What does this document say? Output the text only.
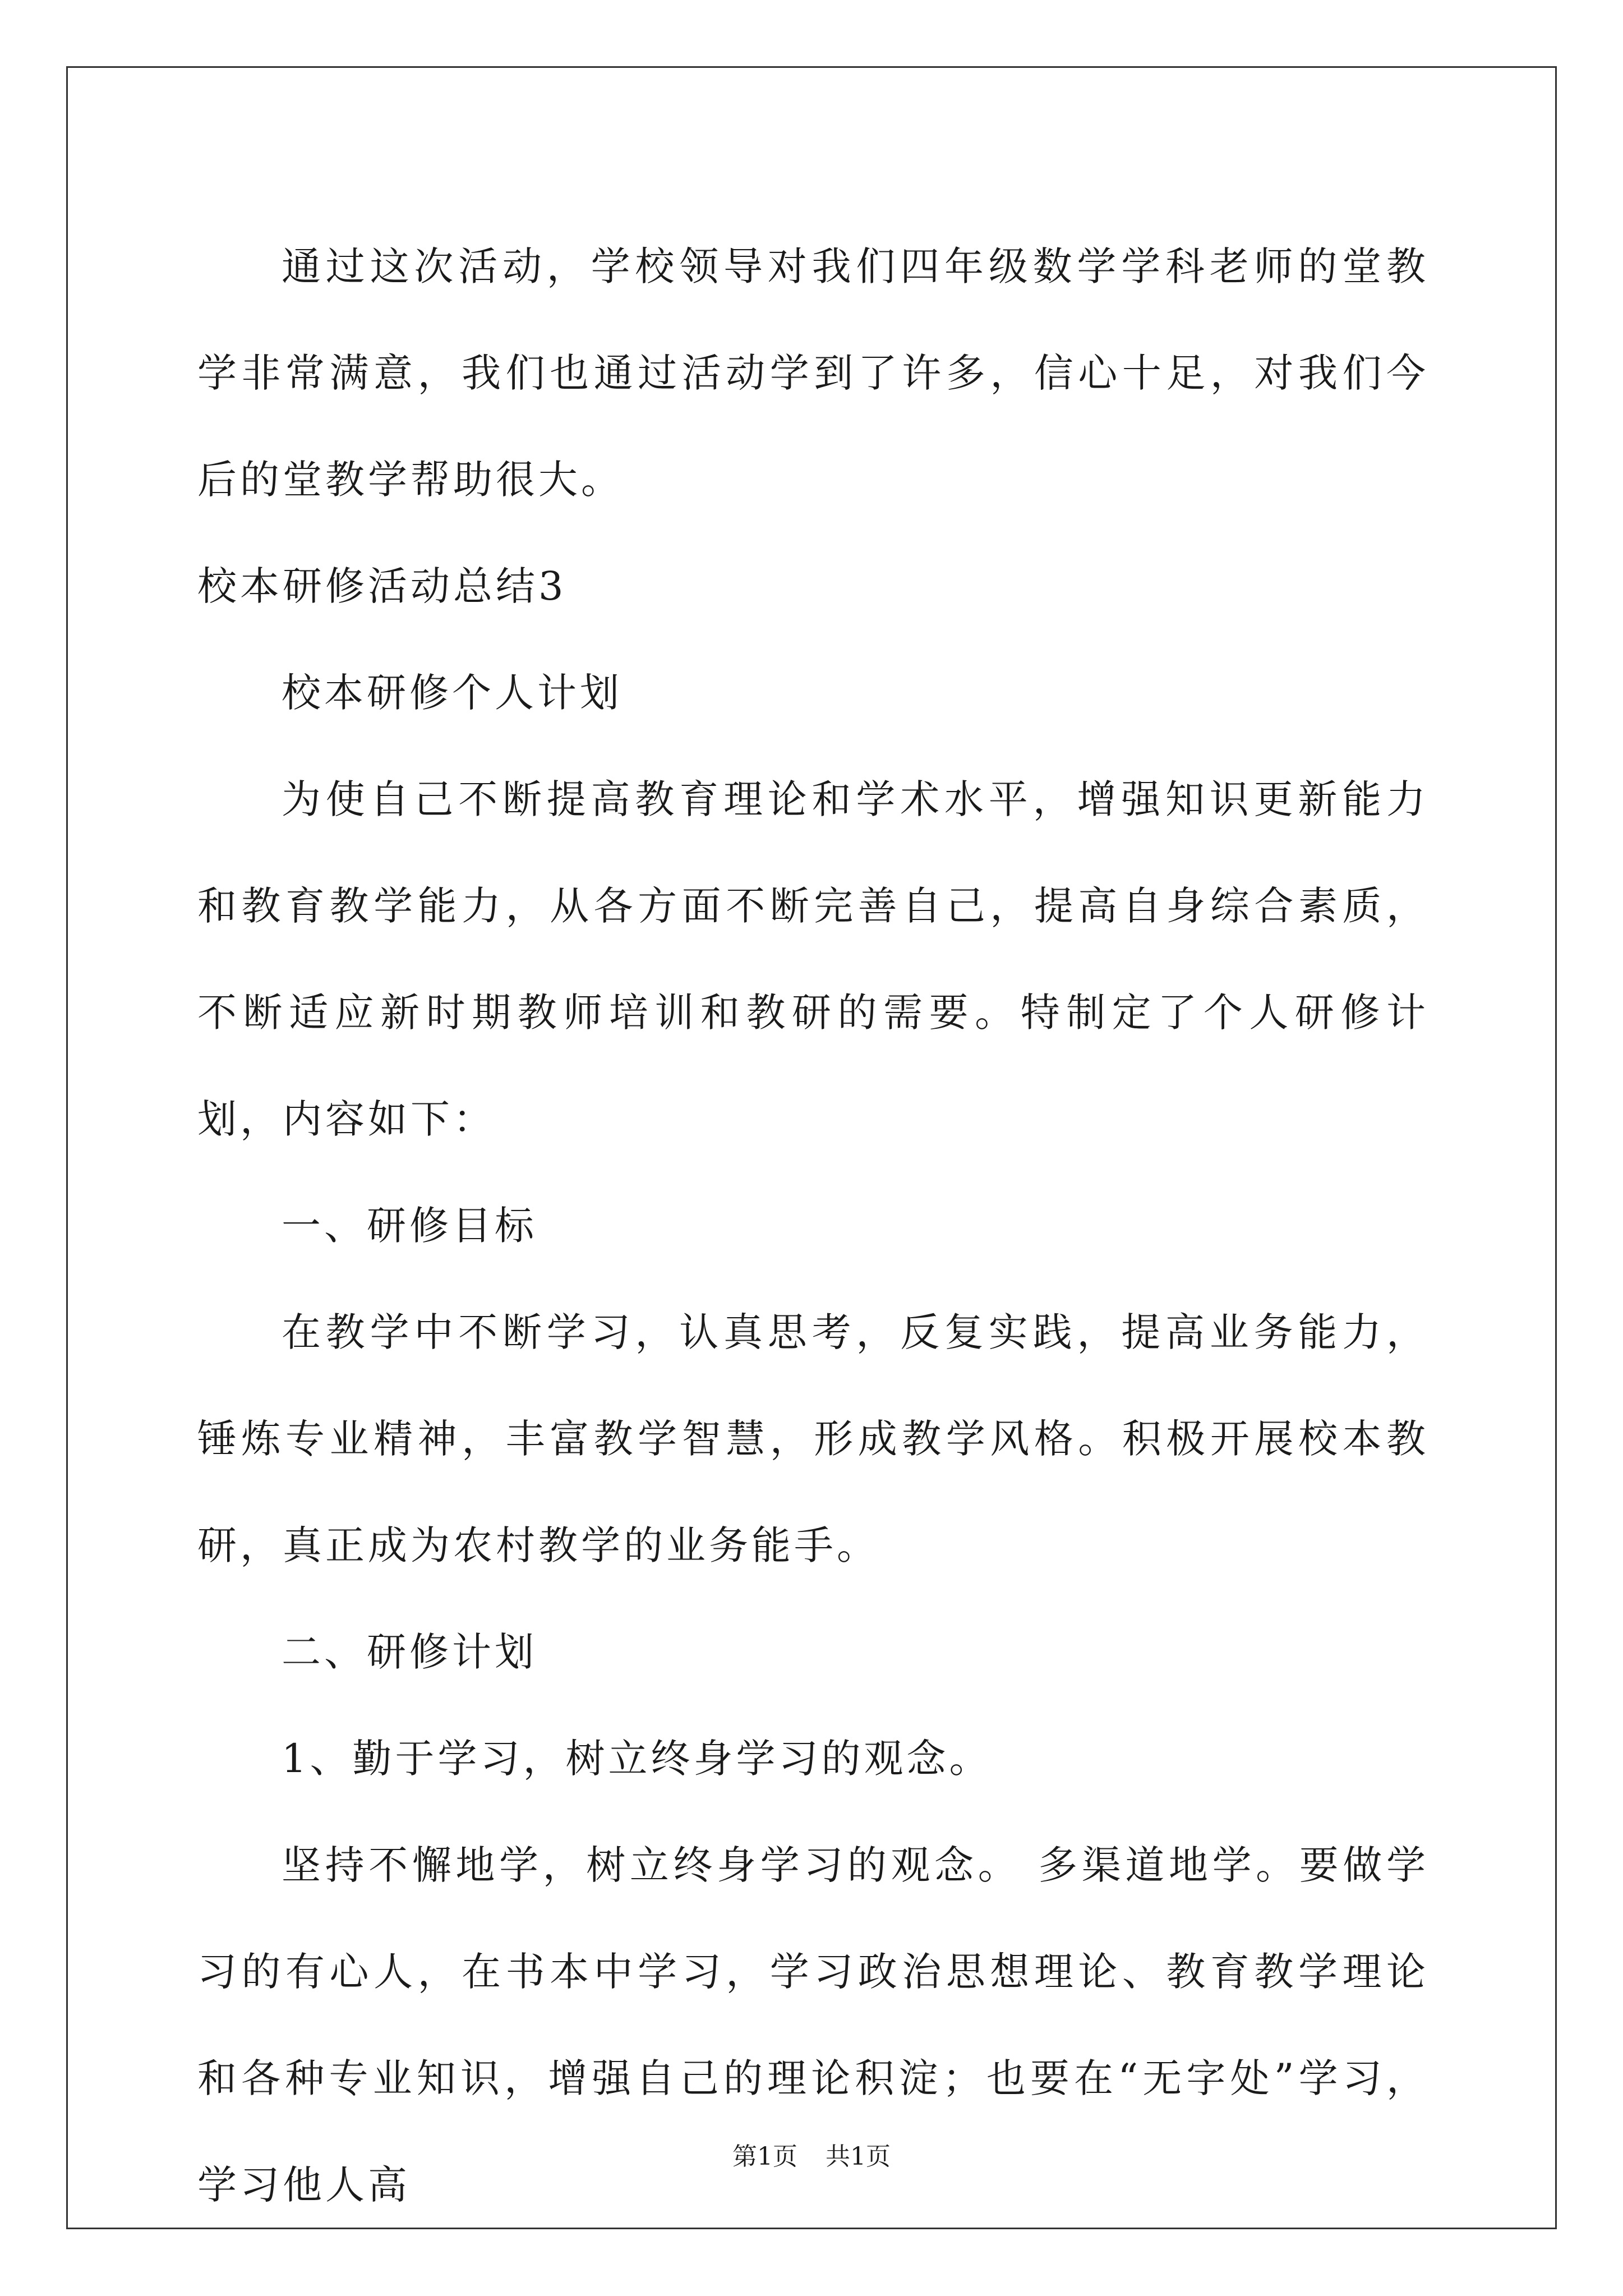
通过这次活动，学校领导对我们四年级数学学科老师的堂教学非常满意，我们也通过活动学到了许多，信心十足，对我们今后的堂教学帮助很大。

校本研修活动总结3

校本研修个人计划

为使自己不断提高教育理论和学术水平，增强知识更新能力和教育教学能力，从各方面不断完善自己，提高自身综合素质，不断适应新时期教师培训和教研的需要。特制定了个人研修计划，内容如下：

一、研修目标

在教学中不断学习，认真思考，反复实践，提高业务能力，锤炼专业精神，丰富教学智慧，形成教学风格。积极开展校本教研，真正成为农村教学的业务能手。

二、研修计划

1、勤于学习，树立终身学习的观念。

坚持不懈地学，树立终身学习的观念。 多渠道地学。要做学习的有心人，在书本中学习，学习政治思想理论、教育教学理论和各种专业知识，增强自己的理论积淀；也要在“无字处”学习，学习他人高

第1页 共1页
